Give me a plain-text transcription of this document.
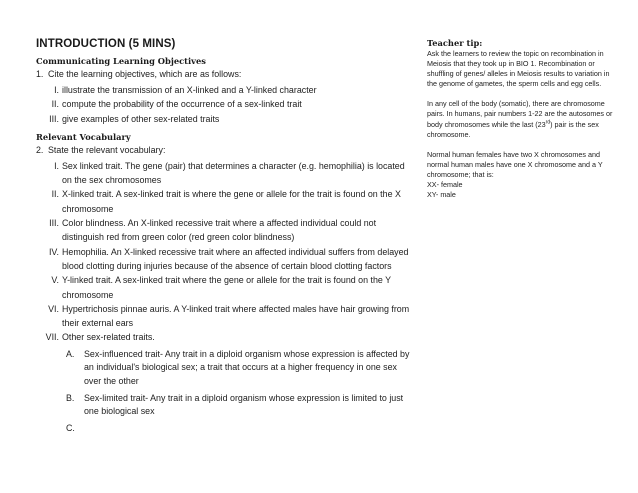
INTRODUCTION (5 MINS)
Communicating Learning Objectives
1. Cite the learning objectives, which are as follows:
I. illustrate the transmission of an X-linked and a Y-linked character
II. compute the probability of the occurrence of a sex-linked trait
III. give examples of other sex-related traits
Relevant Vocabulary
2. State the relevant vocabulary:
I. Sex linked trait. The gene (pair) that determines a character (e.g. hemophilia) is located on the sex chromosomes
II. X-linked trait. A sex-linked trait is where the gene or allele for the trait is found on the X chromosome
III. Color blindness. An X-linked recessive trait where a affected individual could not distinguish red from green color (red green color blindness)
IV. Hemophilia. An X-linked recessive trait where an affected individual suffers from delayed blood clotting during injuries because of the absence of certain blood clotting factors
V. Y-linked trait. A sex-linked trait where the gene or allele for the trait is found on the Y chromosome
VI. Hypertrichosis pinnae auris. A Y-linked trait where affected males have hair growing from their external ears
VII. Other sex-related traits.
A. Sex-influenced trait- Any trait in a diploid organism whose expression is affected by an individual's biological sex; a trait that occurs at a higher frequency in one sex over the other
B. Sex-limited trait- Any trait in a diploid organism whose expression is limited to just one biological sex
C.
Teacher tip:

Ask the learners to review the topic on recombination in Meiosis that they took up in BIO 1. Recombination or shuffling of genes/ alleles in Meiosis results to variation in the genome of gametes, the sperm cells and egg cells.

In any cell of the body (somatic), there are chromosome pairs. In humans, pair numbers 1-22 are the autosomes or body chromosomes while the last (23rd) pair is the sex chromosome.

Normal human females have two X chromosomes and normal human males have one X chromosome and a Y chromosome; that is:

XX- female

XY- male
